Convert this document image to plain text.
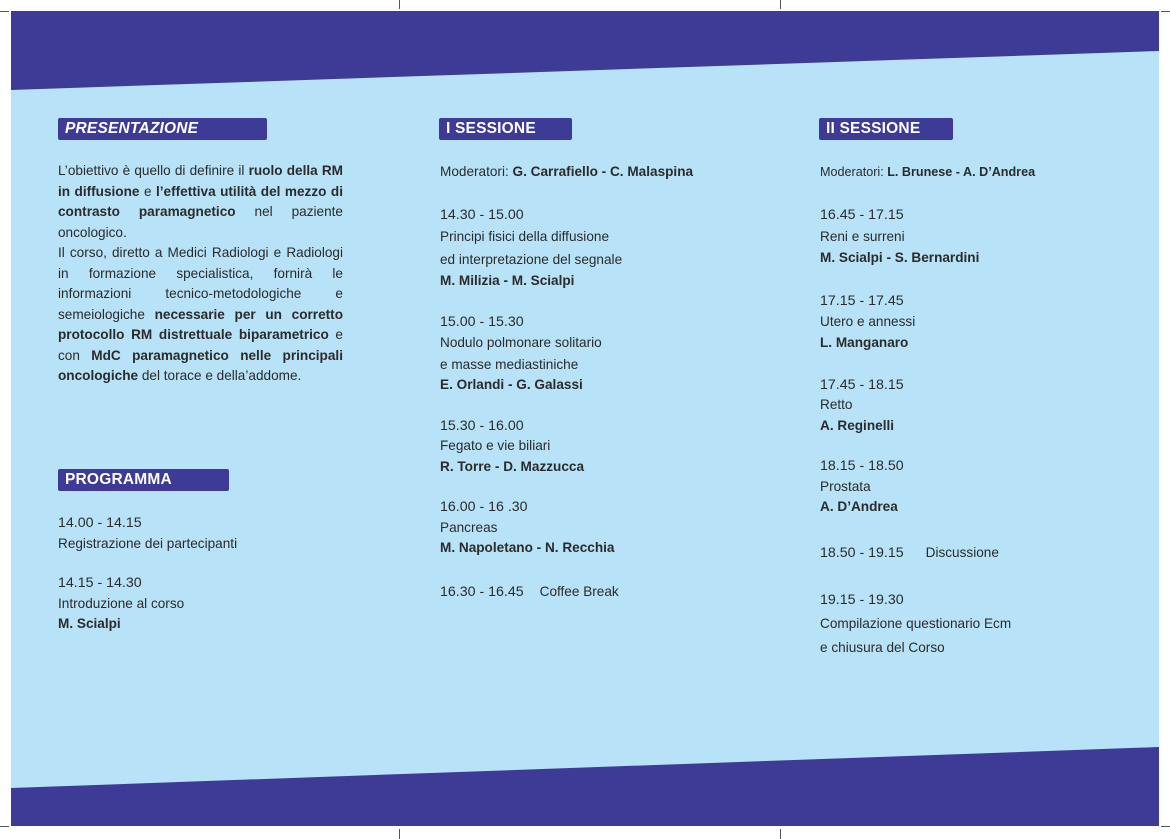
PRESENTAZIONE

L’obiettivo è quello di definire il ruolo della RM in diffusione e l’effettiva utilità del mezzo di contrasto paramagnetico nel paziente oncologico.

Il corso, diretto a Medici Radiologi e Radiologi in formazione specialistica, fornirà le informazioni tecnico-metodologiche e semeiologiche necessarie per un corretto protocollo RM distrettuale biparametrico e con MdC paramagnetico nelle principali oncologiche del torace e della’addome.

PROGRAMMA
14.00 - 14.15
Registrazione dei partecipanti
14.15 - 14.30
Introduzione al corso
M. Scialpi
I SESSIONE
Moderatori: G. Carrafiello - C. Malaspina
14.30 - 15.00
Principi fisici della diffusione
ed interpretazione del segnale
M. Milizia - M. Scialpi
15.00 - 15.30
Nodulo polmonare solitario
e masse mediastiniche
E. Orlandi - G. Galassi
15.30 - 16.00
Fegato e vie biliari
R. Torre - D. Mazzucca
16.00 - 16 .30
Pancreas
M. Napoletano - N. Recchia
16.30 - 16.45 Coffee Break
II SESSIONE
Moderatori: L. Brunese - A. D’Andrea
16.45 - 17.15
Reni e surreni
M. Scialpi - S. Bernardini
17.15 - 17.45
Utero e annessi
L. Manganaro
17.45 - 18.15
Retto
A. Reginelli
18.15 - 18.50
Prostata
A. D’Andrea
18.50 - 19.15 Discussione
19.15 - 19.30
Compilazione questionario Ecm
e chiusura del Corso
